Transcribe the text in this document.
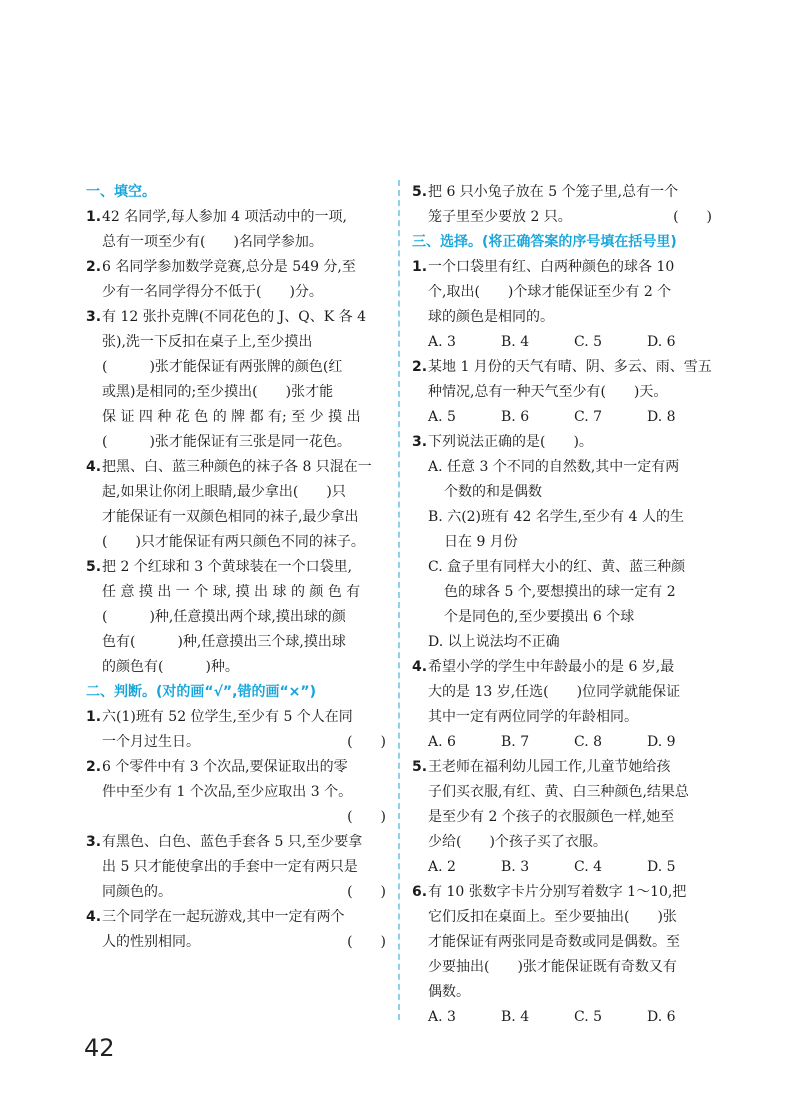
一、填空。
1.42 名同学,每人参加 4 项活动中的一项,
总有一项至少有(　　)名同学参加。
2.6 名同学参加数学竞赛,总分是 549 分,至
少有一名同学得分不低于(　　)分。
3.有 12 张扑克牌(不同花色的 J、Q、K 各 4
张),洗一下反扣在桌子上,至少摸出
(　　　)张才能保证有两张牌的颜色(红
或黑)是相同的;至少摸出(　　)张才能
保 证 四 种 花 色 的 牌 都 有; 至 少 摸 出
(　　　)张才能保证有三张是同一花色。
4.把黑、白、蓝三种颜色的袜子各 8 只混在一
起,如果让你闭上眼睛,最少拿出(　　)只
才能保证有一双颜色相同的袜子,最少拿出
(　　)只才能保证有两只颜色不同的袜子。
5.把 2 个红球和 3 个黄球装在一个口袋里,
任 意 摸 出 一 个 球, 摸 出 球 的 颜 色 有
(　　　)种,任意摸出两个球,摸出球的颜
色有(　　　)种,任意摸出三个球,摸出球
的颜色有(　　　)种。
二、判断。(对的画“√”,错的画“×”)
1.六(1)班有 52 位学生,至少有 5 个人在同
一个月过生日。	(　　)
2.6 个零件中有 3 个次品,要保证取出的零
件中至少有 1 个次品,至少应取出 3 个。
(　　)
3.有黑色、白色、蓝色手套各 5 只,至少要拿
出 5 只才能使拿出的手套中一定有两只是
同颜色的。	(　　)
4.三个同学在一起玩游戏,其中一定有两个
人的性别相同。	(　　)
5.把 6 只小兔子放在 5 个笼子里,总有一个
笼子里至少要放 2 只。	(　　)
三、选择。(将正确答案的序号填在括号里)
1.一个口袋里有红、白两种颜色的球各 10
个,取出(　　)个球才能保证至少有 2 个
球的颜色是相同的。
A. 3	B. 4	C. 5	D. 6
2.某地 1 月份的天气有晴、阴、多云、雨、雪五
种情况,总有一种天气至少有(　　)天。
A. 5	B. 6	C. 7	D. 8
3.下列说法正确的是(　　)。
A. 任意 3 个不同的自然数,其中一定有两
个数的和是偶数
B. 六(2)班有 42 名学生,至少有 4 人的生
日在 9 月份
C. 盒子里有同样大小的红、黄、蓝三种颜
色的球各 5 个,要想摸出的球一定有 2
个是同色的,至少要摸出 6 个球
D. 以上说法均不正确
4.希望小学的学生中年龄最小的是 6 岁,最
大的是 13 岁,任选(　　)位同学就能保证
其中一定有两位同学的年龄相同。
A. 6	B. 7	C. 8	D. 9
5.王老师在福利幼儿园工作,儿童节她给孩
子们买衣服,有红、黄、白三种颜色,结果总
是至少有 2 个孩子的衣服颜色一样,她至
少给(　　)个孩子买了衣服。
A. 2	B. 3	C. 4	D. 5
6.有 10 张数字卡片分别写着数字 1～10,把
它们反扣在桌面上。至少要抽出(　　)张
才能保证有两张同是奇数或同是偶数。至
少要抽出(　　)张才能保证既有奇数又有
偶数。
A. 3	B. 4	C. 5	D. 6
42
